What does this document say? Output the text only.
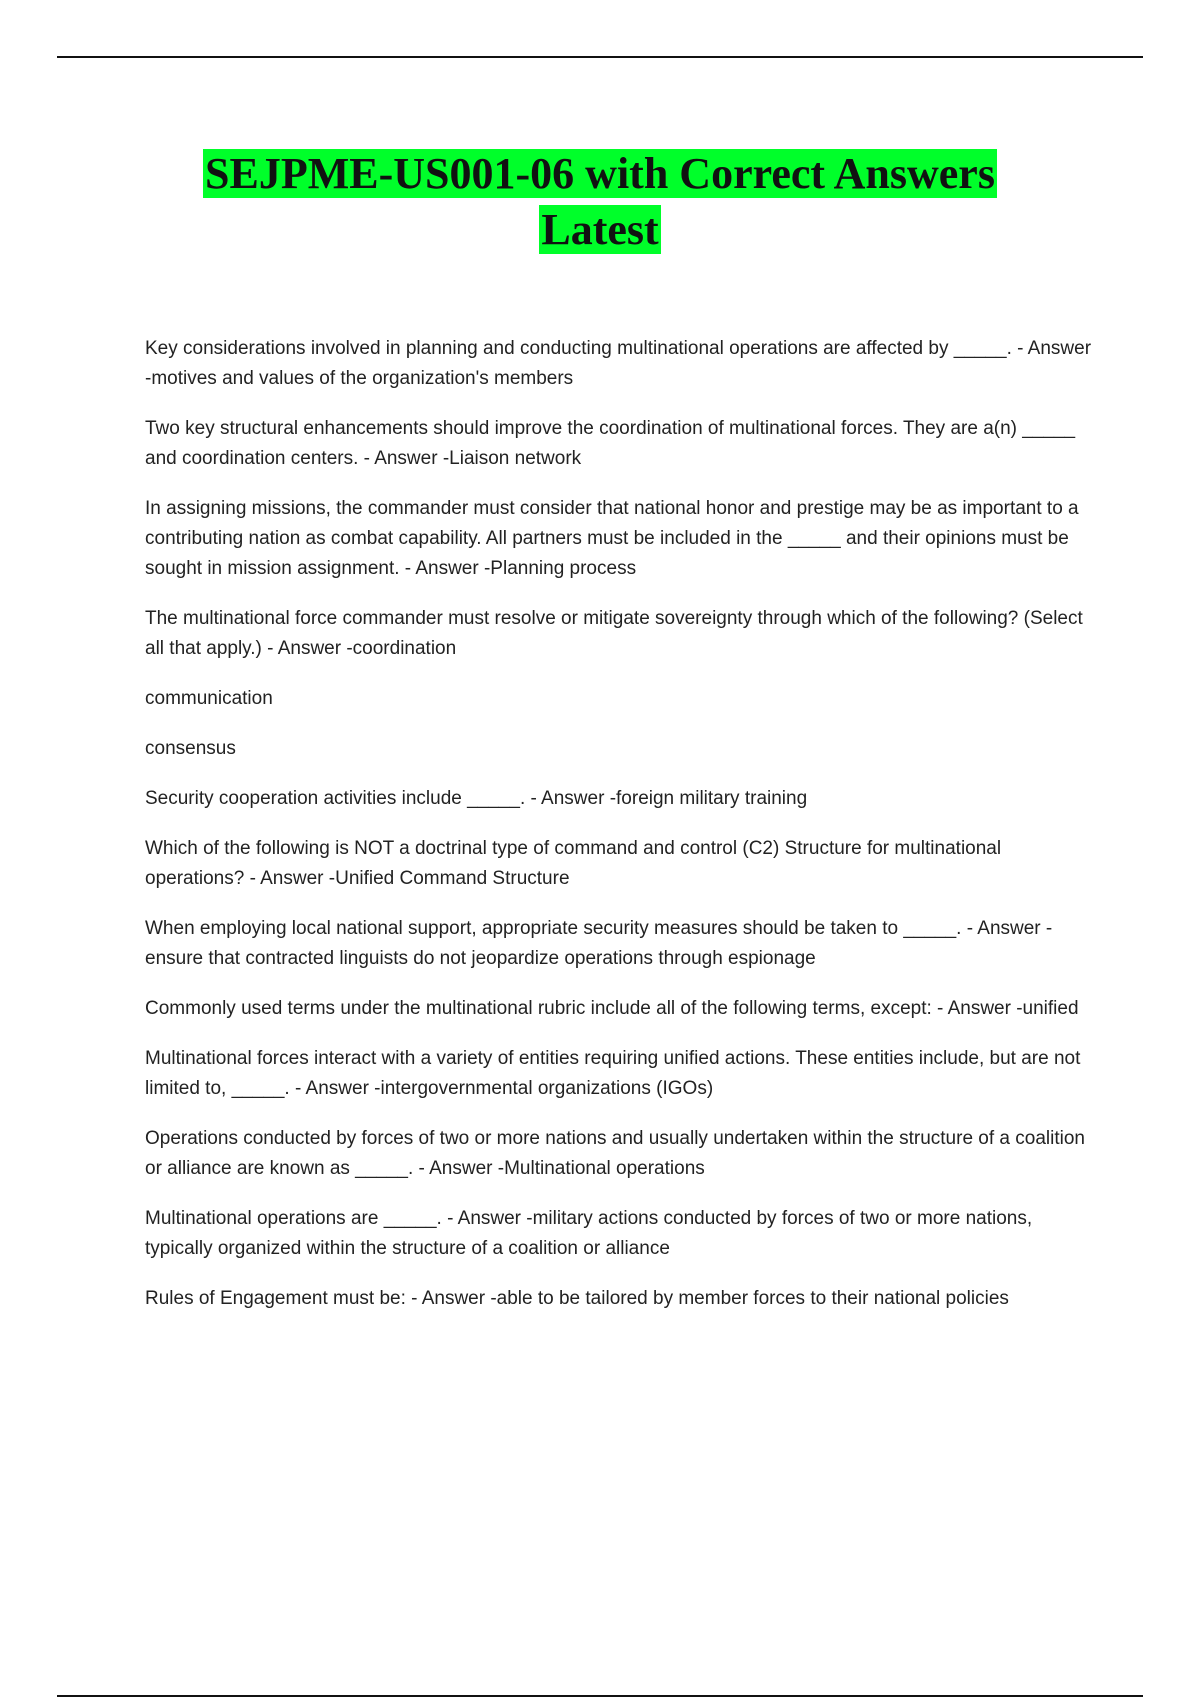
SEJPME-US001-06 with Correct Answers
Latest

Key considerations involved in planning and conducting multinational operations are affected by _____. - Answer -motives and values of the organization's members

Two key structural enhancements should improve the coordination of multinational forces. They are a(n) _____ and coordination centers. - Answer -Liaison network

In assigning missions, the commander must consider that national honor and prestige may be as important to a contributing nation as combat capability. All partners must be included in the _____ and their opinions must be sought in mission assignment. - Answer -Planning process

The multinational force commander must resolve or mitigate sovereignty through which of the following? (Select all that apply.) - Answer -coordination

communication

consensus

Security cooperation activities include _____. - Answer -foreign military training

Which of the following is NOT a doctrinal type of command and control (C2) Structure for multinational operations? - Answer -Unified Command Structure

When employing local national support, appropriate security measures should be taken to _____. - Answer -ensure that contracted linguists do not jeopardize operations through espionage

Commonly used terms under the multinational rubric include all of the following terms, except: - Answer -unified

Multinational forces interact with a variety of entities requiring unified actions. These entities include, but are not limited to, _____. - Answer -intergovernmental organizations (IGOs)

Operations conducted by forces of two or more nations and usually undertaken within the structure of a coalition or alliance are known as _____. - Answer -Multinational operations

Multinational operations are _____. - Answer -military actions conducted by forces of two or more nations, typically organized within the structure of a coalition or alliance

Rules of Engagement must be: - Answer -able to be tailored by member forces to their national policies
